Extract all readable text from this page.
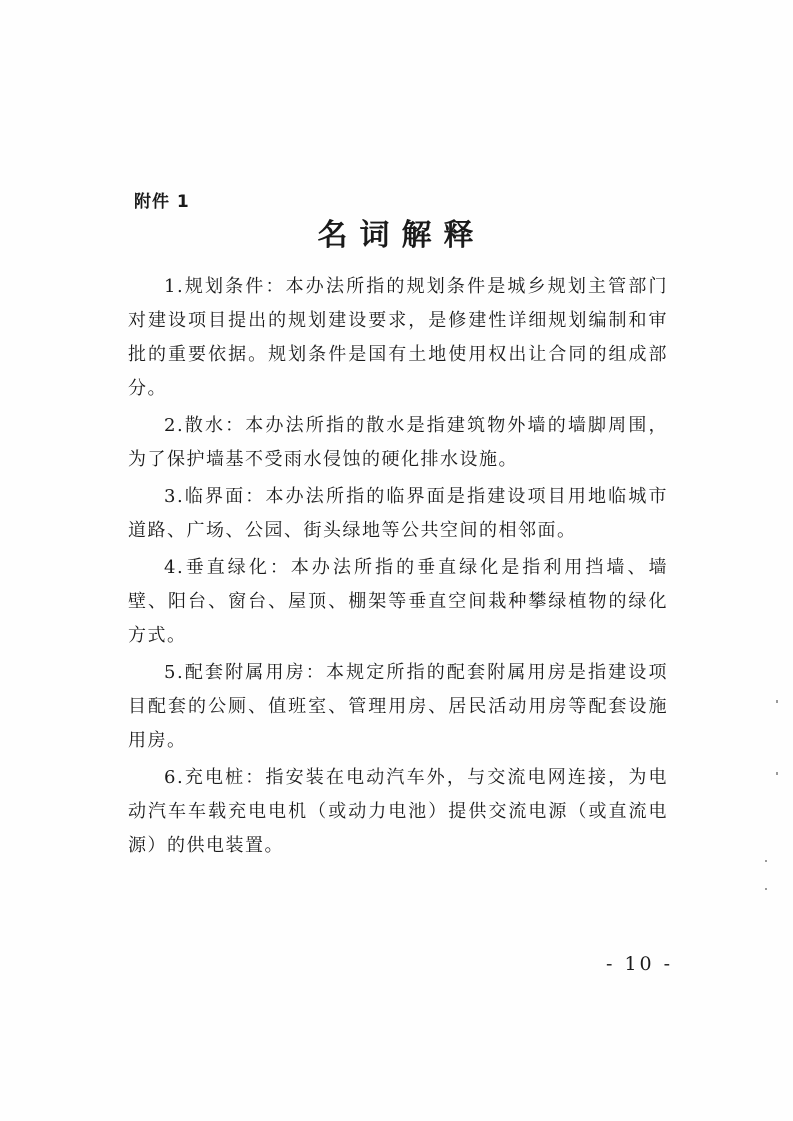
附件 1
名词解释

1.规划条件：本办法所指的规划条件是城乡规划主管部门对建设项目提出的规划建设要求，是修建性详细规划编制和审批的重要依据。规划条件是国有土地使用权出让合同的组成部分。

2.散水：本办法所指的散水是指建筑物外墙的墙脚周围，为了保护墙基不受雨水侵蚀的硬化排水设施。

3.临界面：本办法所指的临界面是指建设项目用地临城市道路、广场、公园、街头绿地等公共空间的相邻面。

4.垂直绿化：本办法所指的垂直绿化是指利用挡墙、墙壁、阳台、窗台、屋顶、棚架等垂直空间栽种攀绿植物的绿化方式。

5.配套附属用房：本规定所指的配套附属用房是指建设项目配套的公厕、值班室、管理用房、居民活动用房等配套设施用房。

6.充电桩：指安装在电动汽车外，与交流电网连接，为电动汽车车载充电电机（或动力电池）提供交流电源（或直流电源）的供电装置。

- 10 -
